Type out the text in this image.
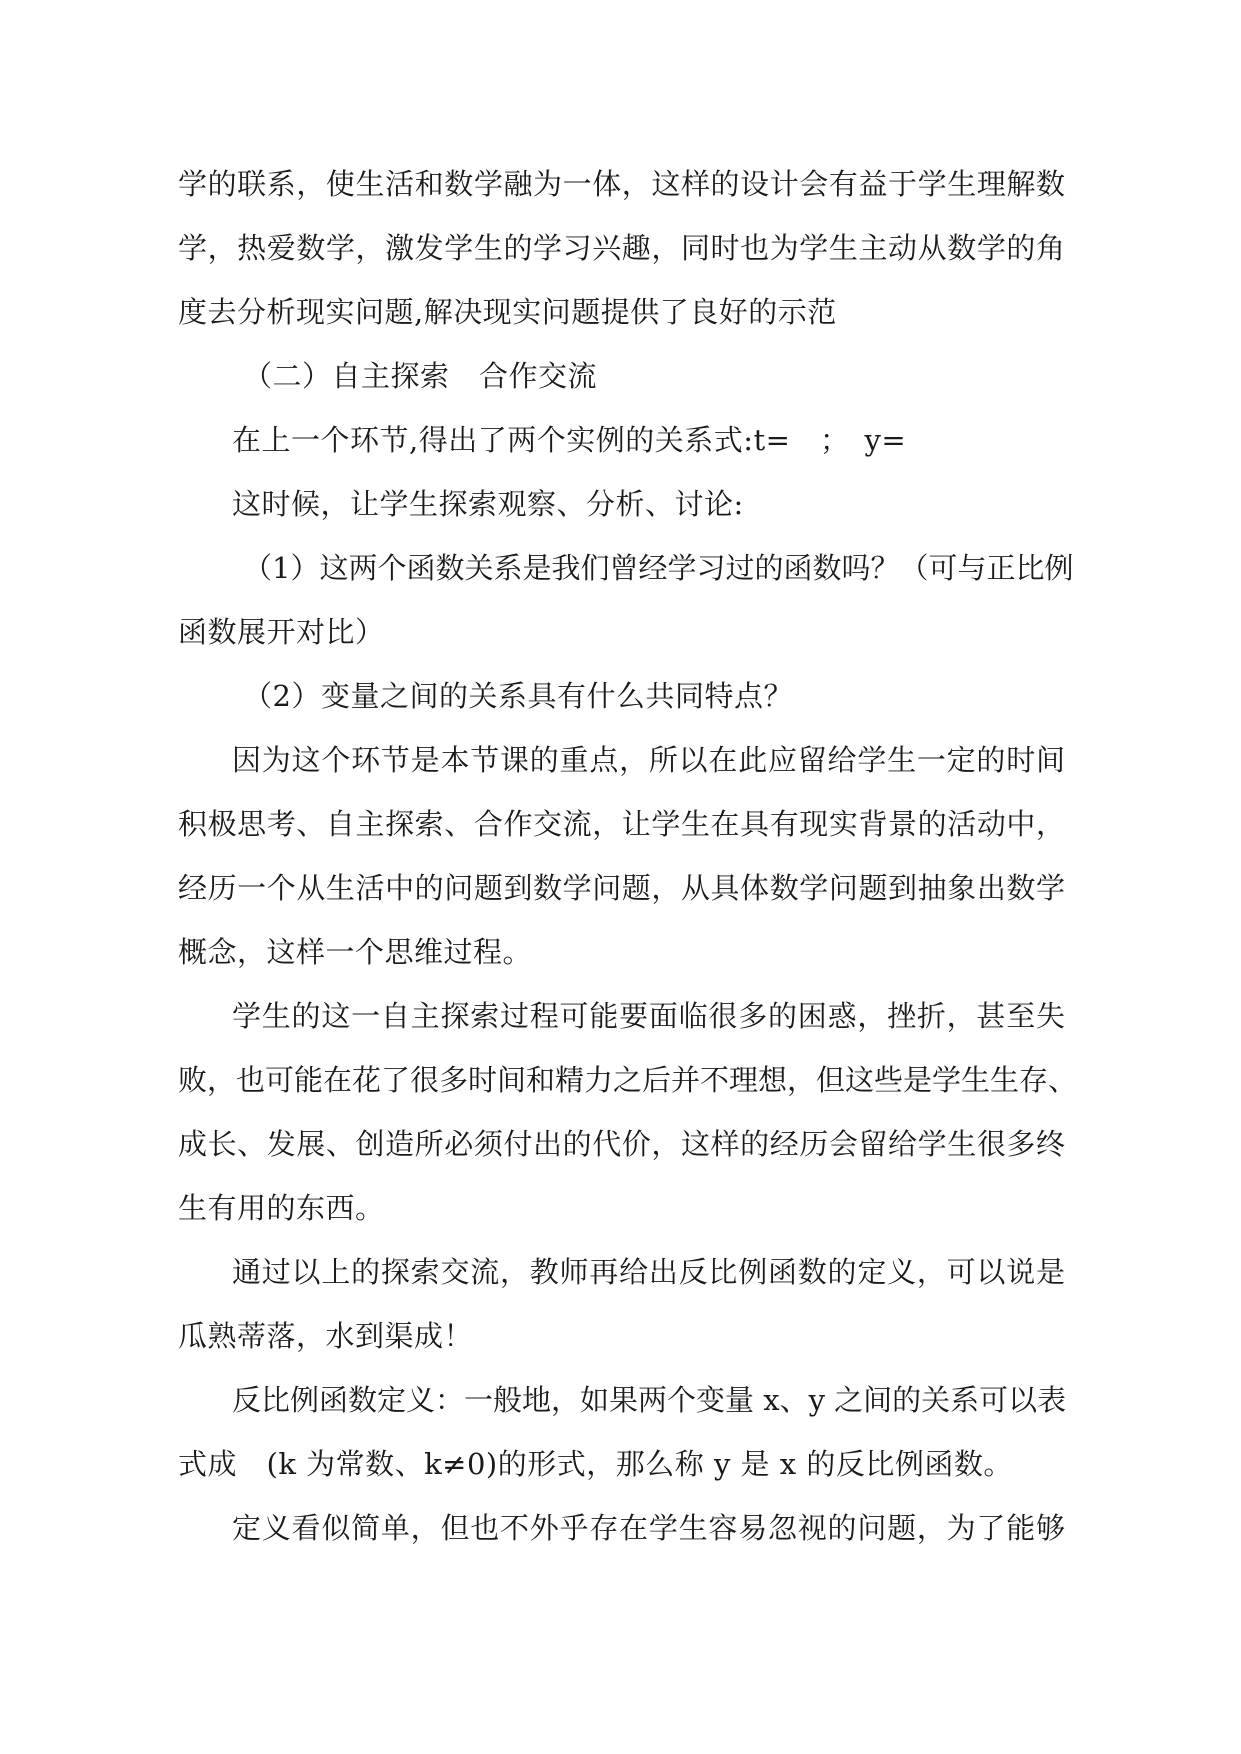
学的联系，使生活和数学融为一体，这样的设计会有益于学生理解数
学，热爱数学，激发学生的学习兴趣，同时也为学生主动从数学的角
度去分析现实问题,解决现实问题提供了良好的示范
（二）自主探索　合作交流
在上一个环节,得出了两个实例的关系式:t=　；　y=
这时候，让学生探索观察、分析、讨论:
（1）这两个函数关系是我们曾经学习过的函数吗？（可与正比例
函数展开对比）
（2）变量之间的关系具有什么共同特点？
因为这个环节是本节课的重点，所以在此应留给学生一定的时间
积极思考、自主探索、合作交流，让学生在具有现实背景的活动中，
经历一个从生活中的问题到数学问题，从具体数学问题到抽象出数学
概念，这样一个思维过程。
学生的这一自主探索过程可能要面临很多的困惑，挫折，甚至失
败，也可能在花了很多时间和精力之后并不理想，但这些是学生生存、
成长、发展、创造所必须付出的代价，这样的经历会留给学生很多终
生有用的东西。
通过以上的探索交流，教师再给出反比例函数的定义，可以说是
瓜熟蒂落，水到渠成！
反比例函数定义：一般地，如果两个变量 x、y 之间的关系可以表
式成　(k 为常数、k≠0)的形式，那么称 y 是 x 的反比例函数。
定义看似简单，但也不外乎存在学生容易忽视的问题，为了能够
